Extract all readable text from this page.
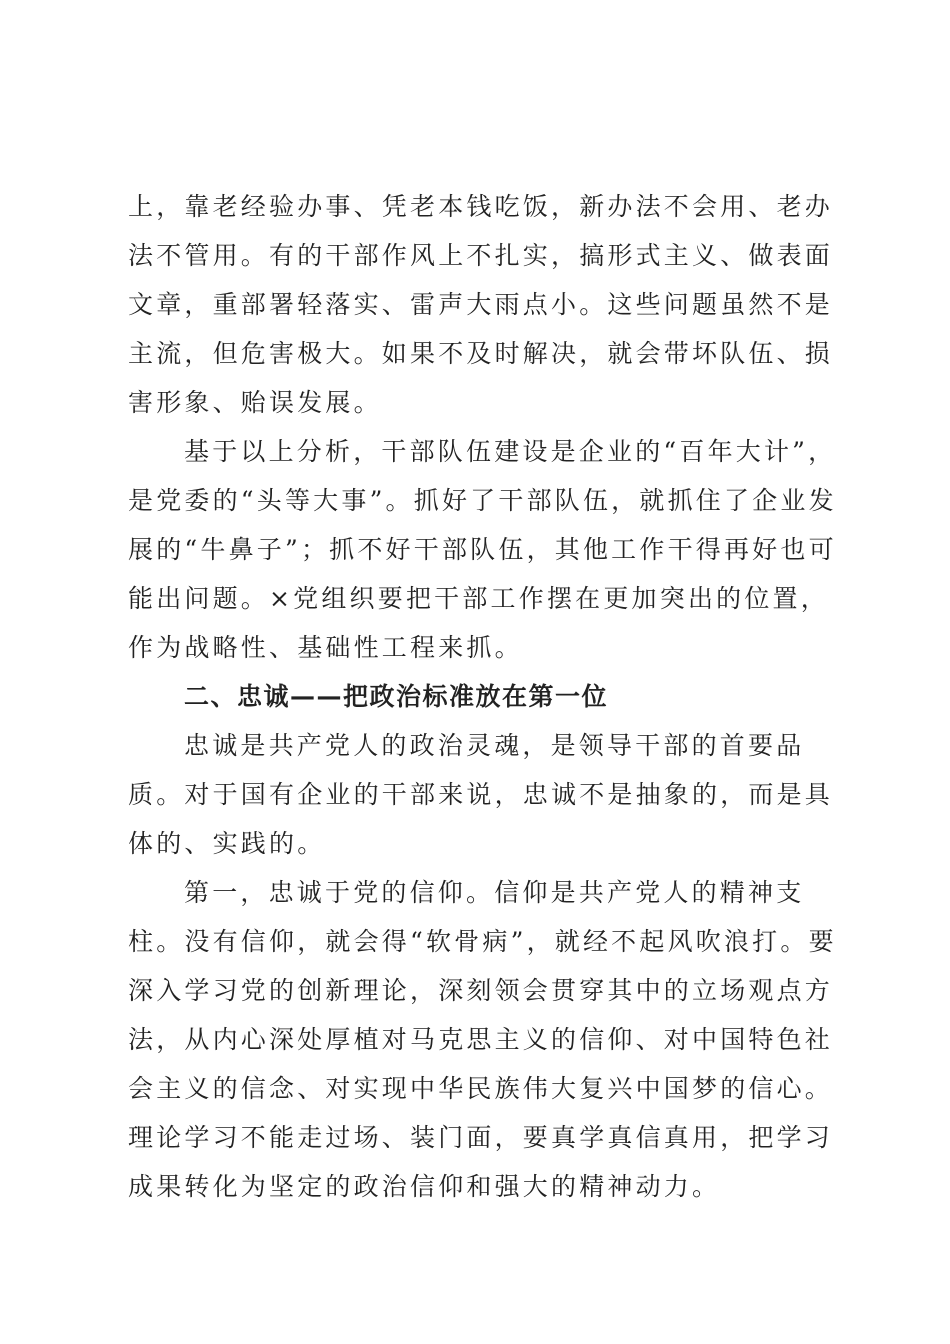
上，靠老经验办事、凭老本钱吃饭，新办法不会用、老办法不管用。有的干部作风上不扎实，搞形式主义、做表面文章，重部署轻落实、雷声大雨点小。这些问题虽然不是主流，但危害极大。如果不及时解决，就会带坏队伍、损害形象、贻误发展。

基于以上分析，干部队伍建设是企业的“百年大计”，是党委的“头等大事”。抓好了干部队伍，就抓住了企业发展的“牛鼻子”；抓不好干部队伍，其他工作干得再好也可能出问题。×党组织要把干部工作摆在更加突出的位置，作为战略性、基础性工程来抓。

二、忠诚——把政治标准放在第一位

忠诚是共产党人的政治灵魂，是领导干部的首要品质。对于国有企业的干部来说，忠诚不是抽象的，而是具体的、实践的。

第一，忠诚于党的信仰。信仰是共产党人的精神支柱。没有信仰，就会得“软骨病”，就经不起风吹浪打。要深入学习党的创新理论，深刻领会贯穿其中的立场观点方法，从内心深处厚植对马克思主义的信仰、对中国特色社会主义的信念、对实现中华民族伟大复兴中国梦的信心。理论学习不能走过场、装门面，要真学真信真用，把学习成果转化为坚定的政治信仰和强大的精神动力。
